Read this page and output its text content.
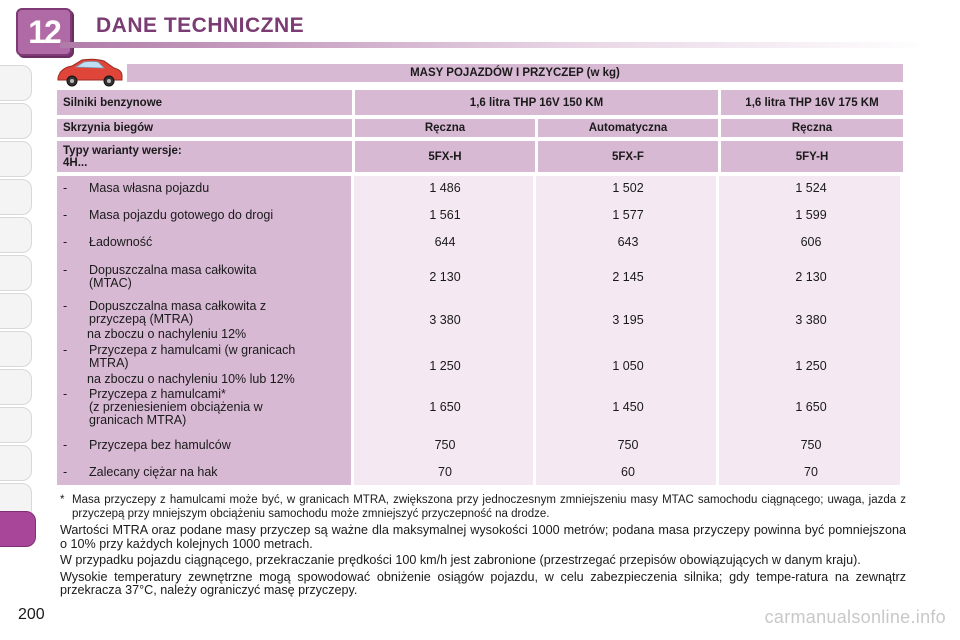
12	DANE TECHNICZNE
MASY POJAZDÓW I PRZYCZEP (w kg)
Silniki benzynowe	1,6 litra THP 16V 150 KM	1,6 litra THP 16V 175 KM
Skrzynia biegów	Ręczna	Automatyczna	Ręczna
Typy warianty wersje:
4H...	5FX-H	5FX-F	5FY-H
- Masa własna pojazdu	1 486	1 502	1 524
- Masa pojazdu gotowego do drogi	1 561	1 577	1 599
- Ładowność	644	643	606
- Dopuszczalna masa całkowita
(MTAC)	2 130	2 145	2 130
- Dopuszczalna masa całkowita z
przyczepą (MTRA)
na zboczu o nachyleniu 12%
3 380	3 195	3 380
- Przyczepa z hamulcami (w granicach
MTRA)
na zboczu o nachyleniu 10% lub 12%
1 250	1 050	1 250
- Przyczepa z hamulcami*
(z przeniesieniem obciążenia w
granicach MTRA)
1 650	1 450	1 650
- Przyczepa bez hamulców	750	750	750
- Zalecany ciężar na hak	70	60	70

* Masa przyczepy z hamulcami może być, w granicach MTRA, zwiększona przy jednoczesnym zmniejszeniu masy MTAC samochodu ciągnącego; uwaga, jazda z przyczepą przy mniejszym obciążeniu samochodu może zmniejszyć przyczepność na drodze.

Wartości MTRA oraz podane masy przyczep są ważne dla maksymalnej wysokości 1000 metrów; podana masa przyczepy powinna być pomniejszona o 10% przy każdych kolejnych 1000 metrach.

W przypadku pojazdu ciągnącego, przekraczanie prędkości 100 km/h jest zabronione (przestrzegać przepisów obowiązujących w danym kraju).

Wysokie temperatury zewnętrzne mogą spowodować obniżenie osiągów pojazdu, w celu zabezpieczenia silnika; gdy tempe-ratura na zewnątrz przekracza 37°C, należy ograniczyć masę przyczepy.

200	carmanualsonline.info
